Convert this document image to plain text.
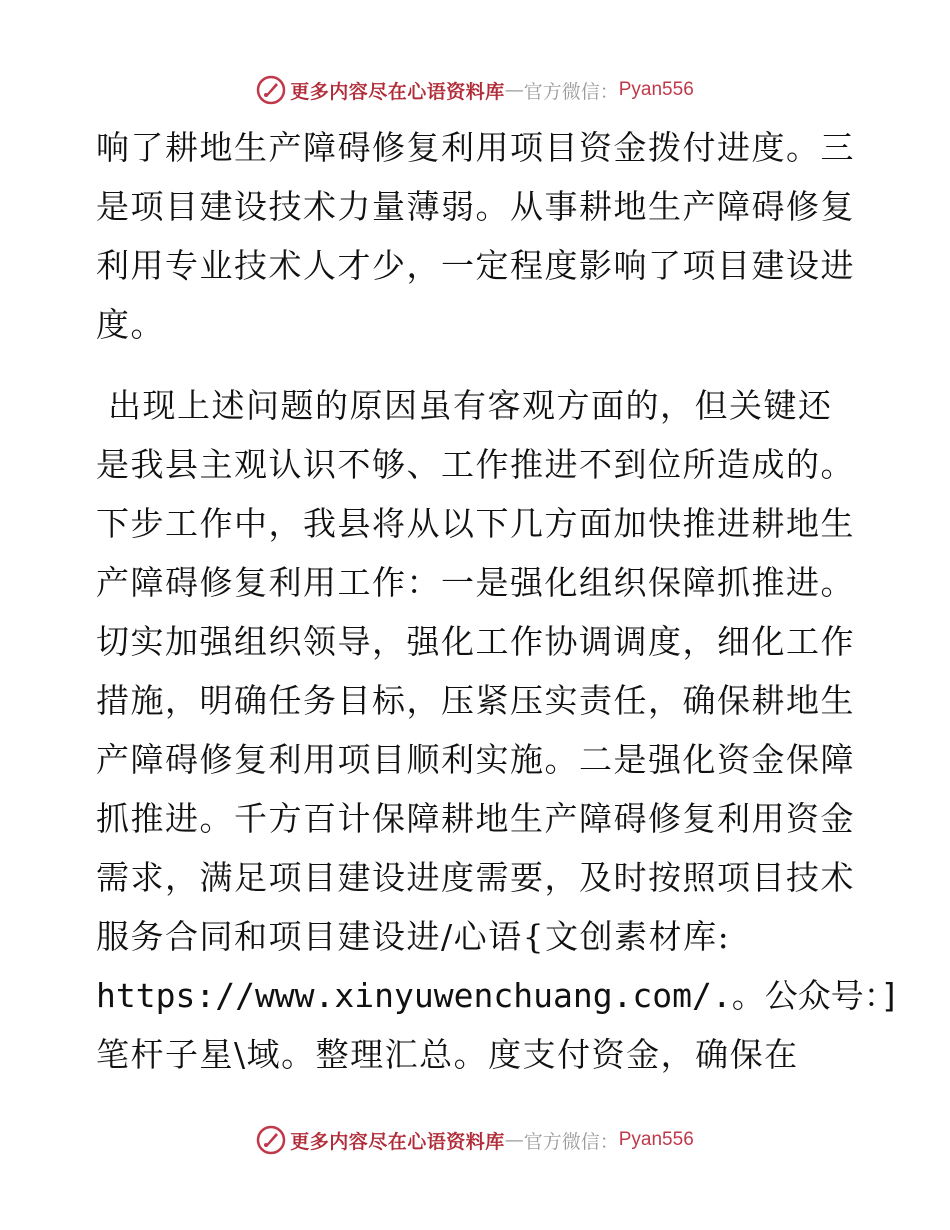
更多内容尽在心语资料库 — 官方微信： Pyan556
响了耕地生产障碍修复利用项目资金拨付进度。三
是项目建设技术力量薄弱。从事耕地生产障碍修复
利用专业技术人才少，一定程度影响了项目建设进
度。
出现上述问题的原因虽有客观方面的，但关键还
是我县主观认识不够、工作推进不到位所造成的。
下步工作中，我县将从以下几方面加快推进耕地生
产障碍修复利用工作：一是强化组织保障抓推进。
切实加强组织领导，强化工作协调调度，细化工作
措施，明确任务目标，压紧压实责任，确保耕地生
产障碍修复利用项目顺利实施。二是强化资金保障
抓推进。千方百计保障耕地生产障碍修复利用资金
需求，满足项目建设进度需要，及时按照项目技术
服务合同和项目建设进/心语{文创素材库:
https://www.xinyuwenchuang.com/.。公众号：]
笔杆子星\域。整理汇总。度支付资金，确保在
更多内容尽在心语资料库 — 官方微信： Pyan556
